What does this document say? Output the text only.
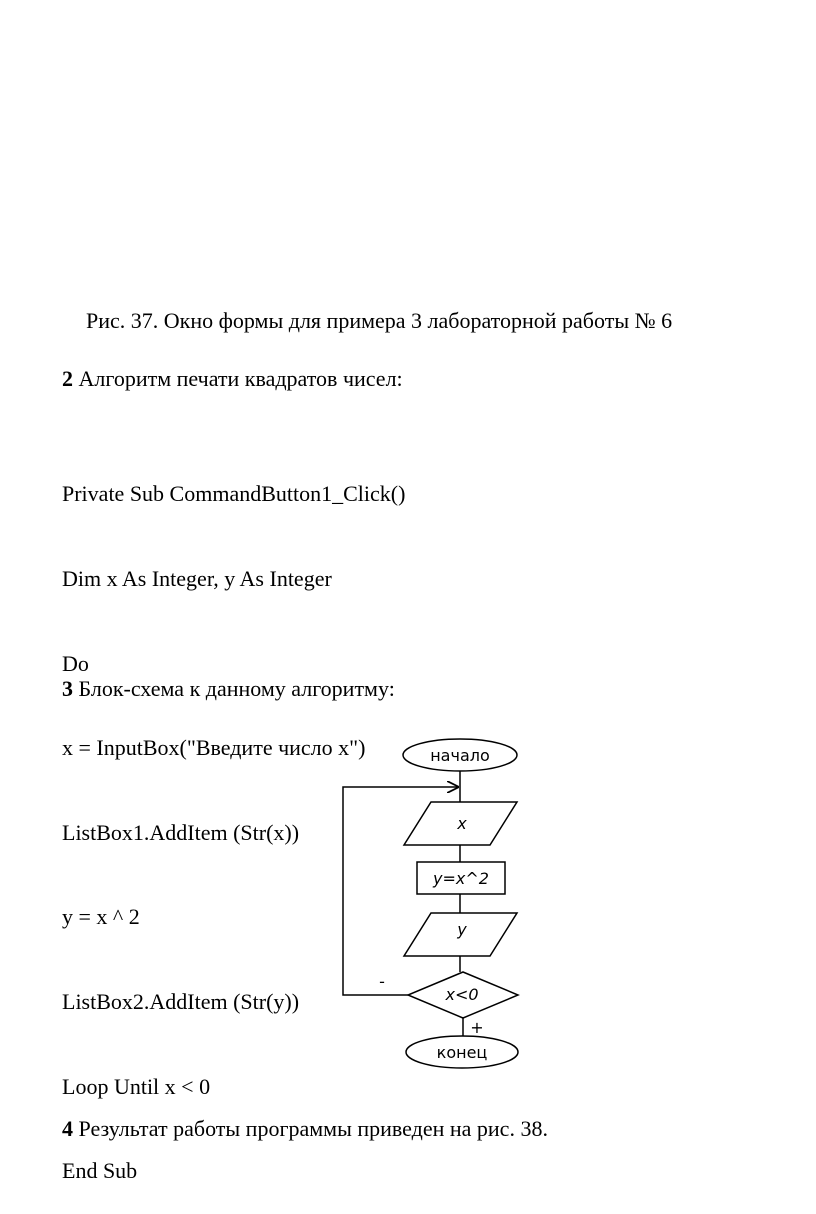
Рис. 37. Окно формы для примера 3 лабораторной работы № 6
2 Алгоритм печати квадратов чисел:

Private Sub CommandButton1_Click()

Dim x As Integer, y As Integer

Do

x = InputBox("Введите число x")

ListBox1.AddItem (Str(x))

y = x ^ 2

ListBox2.AddItem (Str(y))

Loop Until x < 0

End Sub

3 Блок-схема к данному алгоритму:
начало
x
y=x^2
y
x<0
-
+
конец
4 Результат работы программы приведен на рис. 38.
